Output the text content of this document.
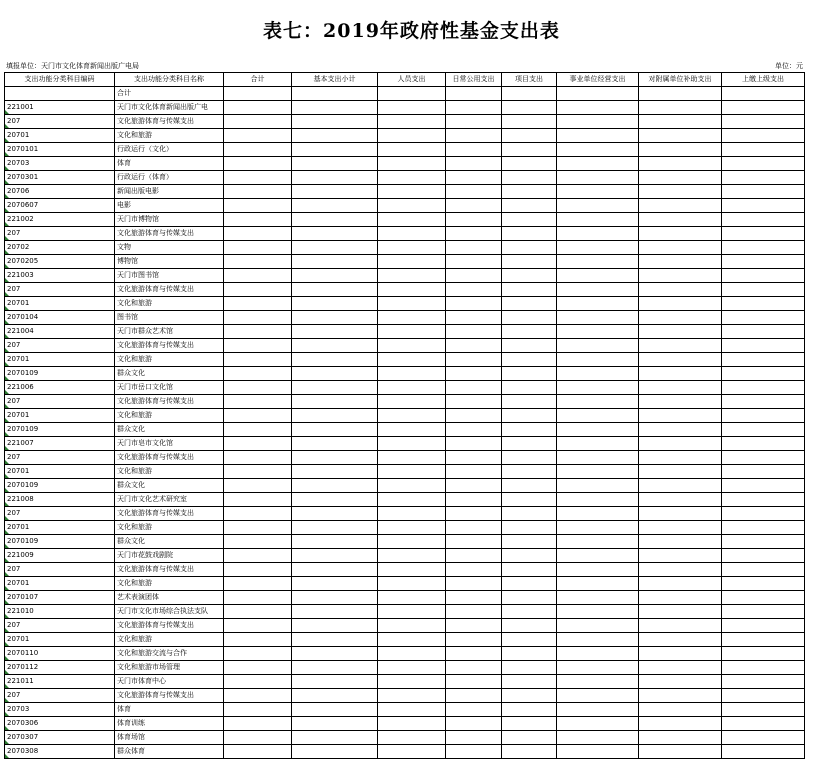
表七：2019年政府性基金支出表
填报单位：天门市文化体育新闻出版广电局	单位：元
支出功能分类科目编码	支出功能分类科目名称	合计	基本支出小计	人员支出	日常公用支出	项目支出	事业单位经营支出	对附属单位补助支出	上缴上级支出
	合计								
221001	天门市文化体育新闻出版广电								
207	文化旅游体育与传媒支出								
20701	文化和旅游								
2070101	行政运行（文化）								
20703	体育								
2070301	行政运行（体育）								
20706	新闻出版电影								
2070607	电影								
221002	天门市博物馆								
207	文化旅游体育与传媒支出								
20702	文物								
2070205	博物馆								
221003	天门市图书馆								
207	文化旅游体育与传媒支出								
20701	文化和旅游								
2070104	图书馆								
221004	天门市群众艺术馆								
207	文化旅游体育与传媒支出								
20701	文化和旅游								
2070109	群众文化								
221006	天门市岳口文化馆								
207	文化旅游体育与传媒支出								
20701	文化和旅游								
2070109	群众文化								
221007	天门市皂市文化馆								
207	文化旅游体育与传媒支出								
20701	文化和旅游								
2070109	群众文化								
221008	天门市文化艺术研究室								
207	文化旅游体育与传媒支出								
20701	文化和旅游								
2070109	群众文化								
221009	天门市花鼓戏剧院								
207	文化旅游体育与传媒支出								
20701	文化和旅游								
2070107	艺术表演团体								
221010	天门市文化市场综合执法支队								
207	文化旅游体育与传媒支出								
20701	文化和旅游								
2070110	文化和旅游交流与合作								
2070112	文化和旅游市场管理								
221011	天门市体育中心								
207	文化旅游体育与传媒支出								
20703	体育								
2070306	体育训练								
2070307	体育场馆								
2070308	群众体育								
